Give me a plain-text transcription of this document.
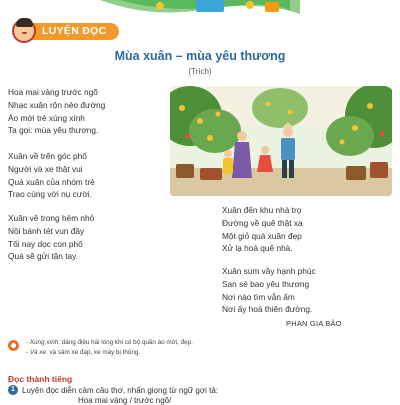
LUYỆN ĐỌC
Mùa xuân – mùa yêu thương
(Trích)
Hoa mai vàng trước ngõ
Nhạc xuân rộn nẻo đường
Áo mới trẻ xúng xính
Ta gọi: mùa yêu thương.
Xuân về trên góc phố
Người và xe thật vui
Quà xuân của nhóm trẻ
Trao cùng với nụ cười.
Xuân về trong hẻm nhỏ
Nồi bánh tét vun đầy
Tối nay dọc con phố
Quà sẽ gửi tận tay.
Xuân đến khu nhà trọ
Đường về quê thật xa
Một giỏ quà xuân đẹp
Xử lạ hoá quê nhà.
Xuân sum vầy hạnh phúc
San sẻ bao yêu thương
Nơi nào tìm vẫn ấm
Nơi ấy hoá thiên đường.
PHAN GIA BẢO
- Xúng xính: dáng điệu hài lòng khi có bộ quần áo mới, đẹp.
- Và xe: và sâm xe đạp, xe máy bị thủng.
Đọc thành tiếng
1 Luyện đọc diễn cảm câu thơ, nhấn giọng từ ngữ gợi tả:
Hoa mai vàng / trước ngõ/
